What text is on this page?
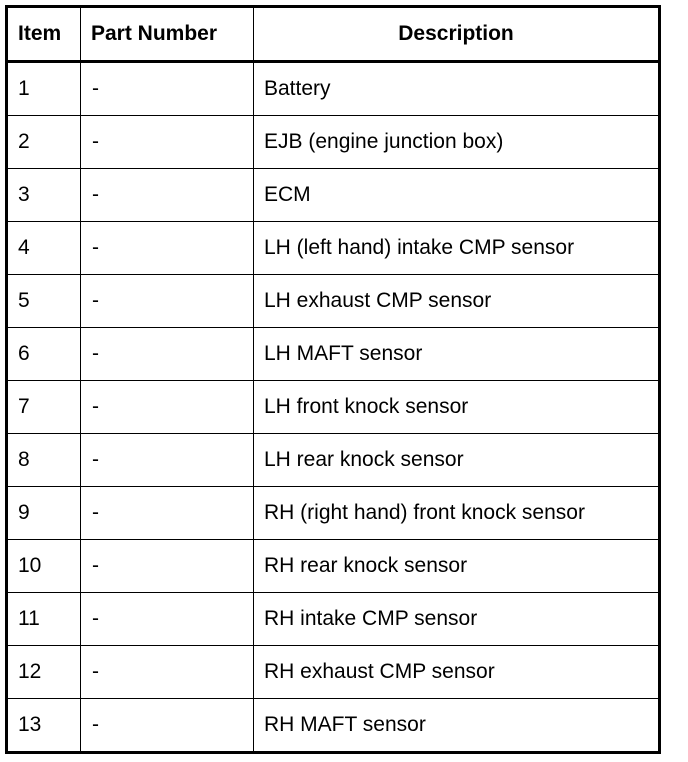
Item	Part Number	Description
1	-	Battery
2	-	EJB (engine junction box)
3	-	ECM
4	-	LH (left hand) intake CMP sensor
5	-	LH exhaust CMP sensor
6	-	LH MAFT sensor
7	-	LH front knock sensor
8	-	LH rear knock sensor
9	-	RH (right hand) front knock sensor
10	-	RH rear knock sensor
11	-	RH intake CMP sensor
12	-	RH exhaust CMP sensor
13	-	RH MAFT sensor
